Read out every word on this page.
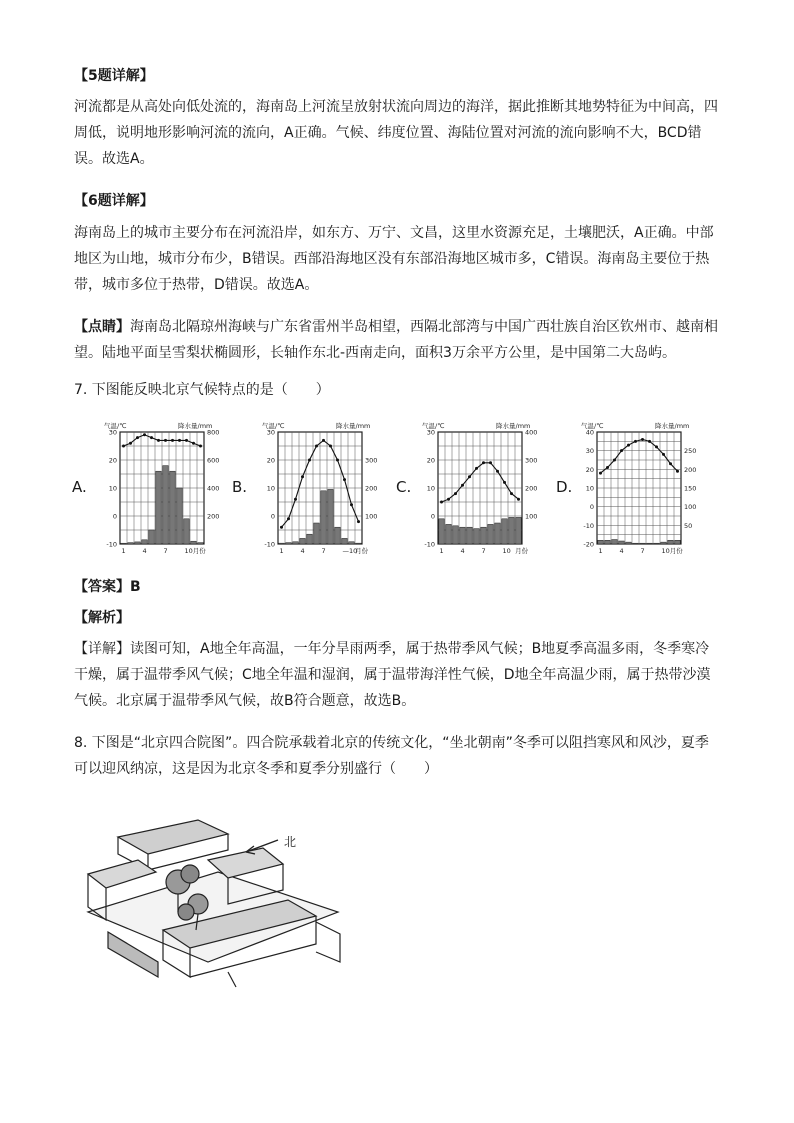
【5题详解】
河流都是从高处向低处流的，海南岛上河流呈放射状流向周边的海洋，据此推断其地势特征为中间高，四周低，说明地形影响河流的流向，A正确。气候、纬度位置、海陆位置对河流的流向影响不大，BCD错误。故选A。
【6题详解】
海南岛上的城市主要分布在河流沿岸，如东方、万宁、文昌，这里水资源充足，土壤肥沃，A正确。中部地区为山地，城市分布少，B错误。西部沿海地区没有东部沿海地区城市多，C错误。海南岛主要位于热带，城市多位于热带，D错误。故选A。
【点睛】海南岛北隔琼州海峡与广东省雷州半岛相望，西隔北部湾与中国广西壮族自治区钦州市、越南相望。陆地平面呈雪梨状椭圆形，长轴作东北-西南走向，面积3万余平方公里，是中国第二大岛屿。
7. 下图能反映北京气候特点的是（　　）
A.	B.	C.	D.
气温/℃	降水量/mm
30
20
10
0
-10
800
600
400
200
1	4	7	10月份
气温/℃	降水量/mm
30
20
10
0
-10
300
200
100
1	4	7	—10
月份
气温/℃	降水量/mm
30
20
10
0
-10
400
300
200
100
1	4	7	10 月份
气温/℃	降水量/mm
40
30
20
10
0
-10
-20
250
200
150
100
50
1	4	7	10月份
【答案】B
【解析】
【详解】读图可知，A地全年高温，一年分旱雨两季，属于热带季风气候；B地夏季高温多雨，冬季寒冷干燥，属于温带季风气候；C地全年温和湿润，属于温带海洋性气候，D地全年高温少雨，属于热带沙漠气候。北京属于温带季风气候，故B符合题意，故选B。
8. 下图是“北京四合院图”。四合院承载着北京的传统文化，“坐北朝南”冬季可以阻挡寒风和风沙，夏季可以迎风纳凉，这是因为北京冬季和夏季分别盛行（　　）
北
